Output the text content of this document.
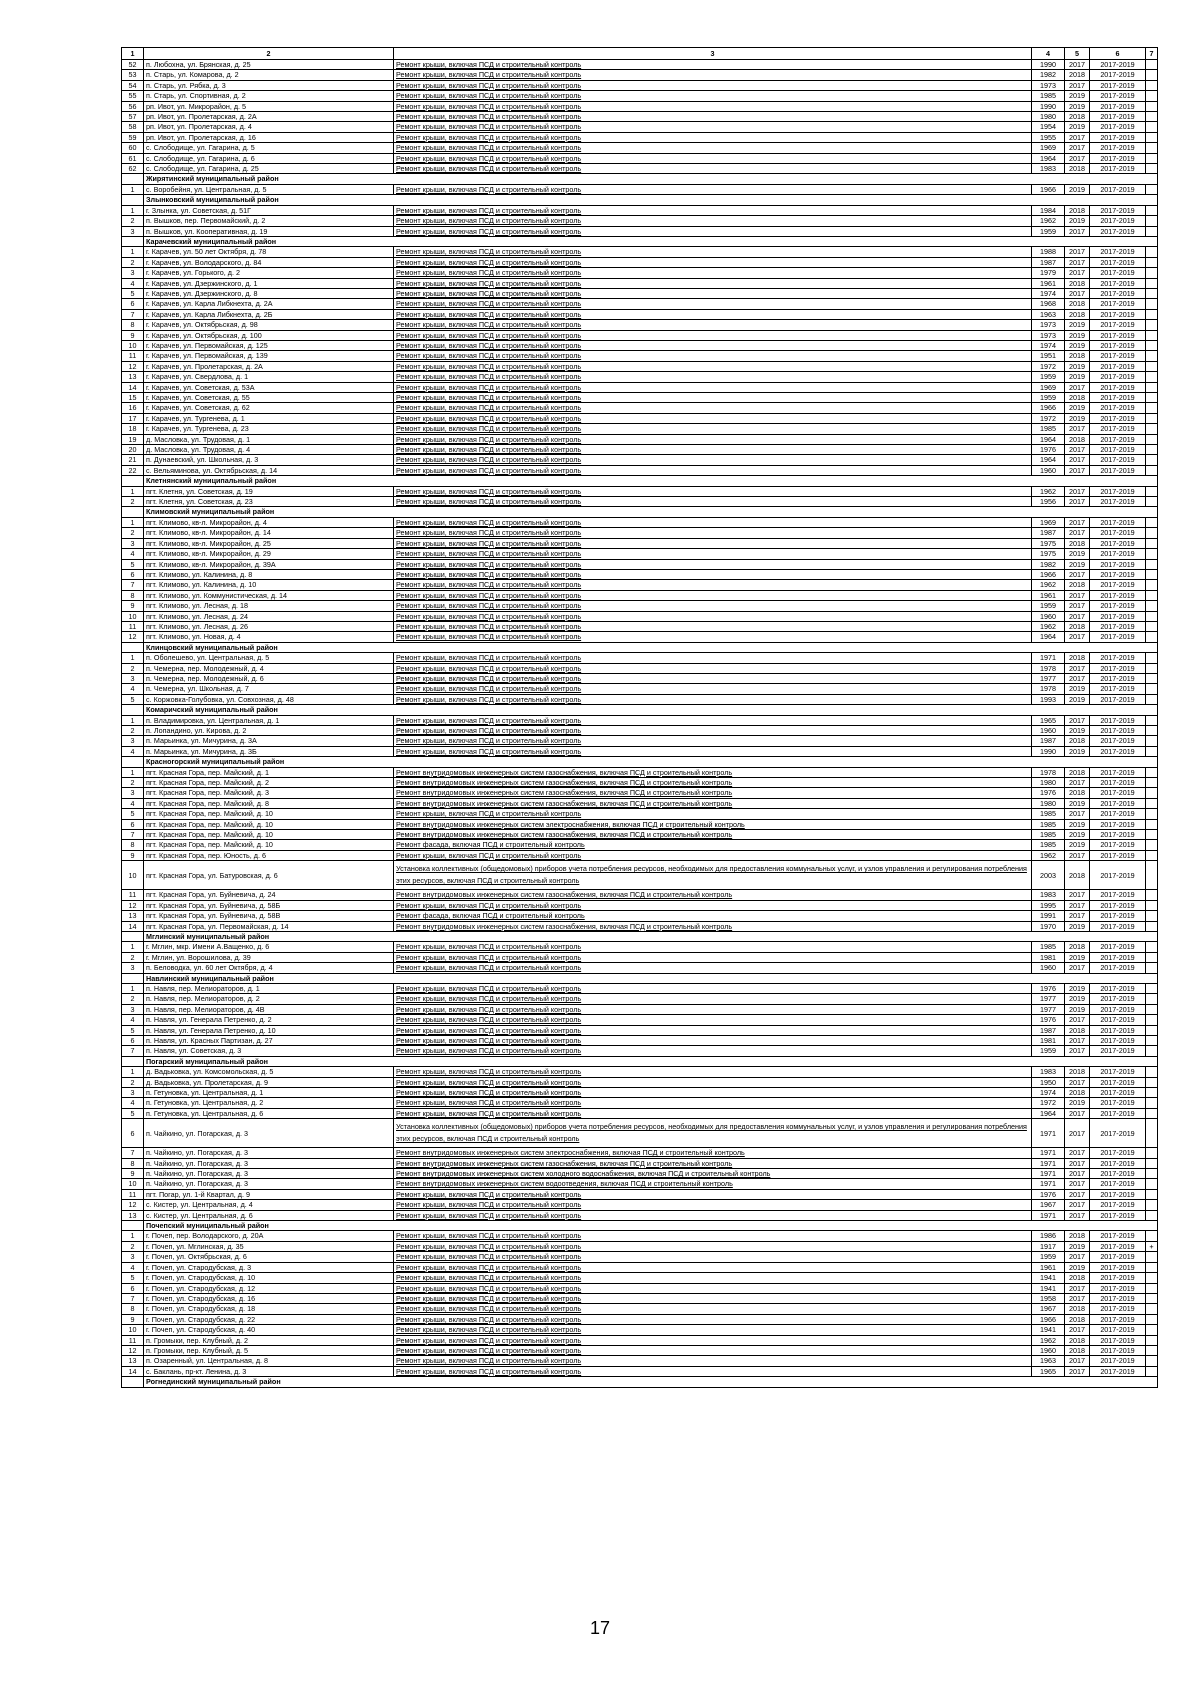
1	2	3	4	5	6	7
52	п. Любохна, ул. Брянская, д. 25	Ремонт крыши, включая ПСД и строительный контроль	1990	2017	2017-2019	
53	п. Старь, ул. Комарова, д. 2	Ремонт крыши, включая ПСД и строительный контроль	1982	2018	2017-2019	
54	п. Старь, ул. Рябка, д. 3	Ремонт крыши, включая ПСД и строительный контроль	1973	2017	2017-2019	
55	п. Старь, ул. Спортивная, д. 2	Ремонт крыши, включая ПСД и строительный контроль	1985	2019	2017-2019	
56	рп. Ивот, ул. Микрорайон, д. 5	Ремонт крыши, включая ПСД и строительный контроль	1990	2019	2017-2019	
57	рп. Ивот, ул. Пролетарская, д. 2А	Ремонт крыши, включая ПСД и строительный контроль	1980	2018	2017-2019	
58	рп. Ивот, ул. Пролетарская, д. 4	Ремонт крыши, включая ПСД и строительный контроль	1954	2019	2017-2019	
59	рп. Ивот, ул. Пролетарская, д. 16	Ремонт крыши, включая ПСД и строительный контроль	1955	2017	2017-2019	
60	с. Слободище, ул. Гагарина, д. 5	Ремонт крыши, включая ПСД и строительный контроль	1969	2017	2017-2019	
61	с. Слободище, ул. Гагарина, д. 6	Ремонт крыши, включая ПСД и строительный контроль	1964	2017	2017-2019	
62	с. Слободище, ул. Гагарина, д. 25	Ремонт крыши, включая ПСД и строительный контроль	1983	2018	2017-2019	
	Жирятинский муниципальный район					
1	с. Воробейня, ул. Центральная, д. 5	Ремонт крыши, включая ПСД и строительный контроль	1966	2019	2017-2019	
	Злынковский муниципальный район					
1	г. Злынка, ул. Советская, д. 51Г	Ремонт крыши, включая ПСД и строительный контроль	1984	2018	2017-2019	
2	п. Вышков, пер. Первомайский, д. 2	Ремонт крыши, включая ПСД и строительный контроль	1962	2019	2017-2019	
3	п. Вышков, ул. Кооперативная, д. 19	Ремонт крыши, включая ПСД и строительный контроль	1959	2017	2017-2019	
	Карачевский муниципальный район					
1	г. Карачев, ул. 50 лет Октября, д. 78	Ремонт крыши, включая ПСД и строительный контроль	1988	2017	2017-2019	
2	г. Карачев, ул. Володарского, д. 84	Ремонт крыши, включая ПСД и строительный контроль	1987	2017	2017-2019	
3	г. Карачев, ул. Горького, д. 2	Ремонт крыши, включая ПСД и строительный контроль	1979	2017	2017-2019	
4	г. Карачев, ул. Дзержинского, д. 1	Ремонт крыши, включая ПСД и строительный контроль	1961	2018	2017-2019	
5	г. Карачев, ул. Дзержинского, д. 8	Ремонт крыши, включая ПСД и строительный контроль	1974	2017	2017-2019	
6	г. Карачев, ул. Карла Либкнехта, д. 2А	Ремонт крыши, включая ПСД и строительный контроль	1968	2018	2017-2019	
7	г. Карачев, ул. Карла Либкнехта, д. 2Б	Ремонт крыши, включая ПСД и строительный контроль	1963	2018	2017-2019	
8	г. Карачев, ул. Октябрьская, д. 98	Ремонт крыши, включая ПСД и строительный контроль	1973	2019	2017-2019	
9	г. Карачев, ул. Октябрьская, д. 100	Ремонт крыши, включая ПСД и строительный контроль	1973	2019	2017-2019	
10	г. Карачев, ул. Первомайская, д. 125	Ремонт крыши, включая ПСД и строительный контроль	1974	2019	2017-2019	
11	г. Карачев, ул. Первомайская, д. 139	Ремонт крыши, включая ПСД и строительный контроль	1951	2018	2017-2019	
12	г. Карачев, ул. Пролетарская, д. 2А	Ремонт крыши, включая ПСД и строительный контроль	1972	2019	2017-2019	
13	г. Карачев, ул. Свердлова, д. 1	Ремонт крыши, включая ПСД и строительный контроль	1959	2019	2017-2019	
14	г. Карачев, ул. Советская, д. 53А	Ремонт крыши, включая ПСД и строительный контроль	1969	2017	2017-2019	
15	г. Карачев, ул. Советская, д. 55	Ремонт крыши, включая ПСД и строительный контроль	1959	2018	2017-2019	
16	г. Карачев, ул. Советская, д. 62	Ремонт крыши, включая ПСД и строительный контроль	1966	2019	2017-2019	
17	г. Карачев, ул. Тургенева, д. 1	Ремонт крыши, включая ПСД и строительный контроль	1972	2019	2017-2019	
18	г. Карачев, ул. Тургенева, д. 23	Ремонт крыши, включая ПСД и строительный контроль	1985	2017	2017-2019	
19	д. Масловка, ул. Трудовая, д. 1	Ремонт крыши, включая ПСД и строительный контроль	1964	2018	2017-2019	
20	д. Масловка, ул. Трудовая, д. 4	Ремонт крыши, включая ПСД и строительный контроль	1976	2017	2017-2019	
21	п. Дунаевский, ул. Школьная, д. 3	Ремонт крыши, включая ПСД и строительный контроль	1964	2017	2017-2019	
22	с. Вельяминова, ул. Октябрьская, д. 14	Ремонт крыши, включая ПСД и строительный контроль	1960	2017	2017-2019	
	Клетнянский муниципальный район					
1	пгт. Клетня, ул. Советская, д. 19	Ремонт крыши, включая ПСД и строительный контроль	1962	2017	2017-2019	
2	пгт. Клетня, ул. Советская, д. 23	Ремонт крыши, включая ПСД и строительный контроль	1956	2017	2017-2019	
	Климовский муниципальный район					
1	пгт. Климово, кв-л. Микрорайон, д. 4	Ремонт крыши, включая ПСД и строительный контроль	1969	2017	2017-2019	
2	пгт. Климово, кв-л. Микрорайон, д. 14	Ремонт крыши, включая ПСД и строительный контроль	1987	2017	2017-2019	
3	пгт. Климово, кв-л. Микрорайон, д. 25	Ремонт крыши, включая ПСД и строительный контроль	1975	2018	2017-2019	
4	пгт. Климово, кв-л. Микрорайон, д. 29	Ремонт крыши, включая ПСД и строительный контроль	1975	2019	2017-2019	
5	пгт. Климово, кв-л. Микрорайон, д. 39А	Ремонт крыши, включая ПСД и строительный контроль	1982	2019	2017-2019	
6	пгт. Климово, ул. Калинина, д. 8	Ремонт крыши, включая ПСД и строительный контроль	1966	2017	2017-2019	
7	пгт. Климово, ул. Калинина, д. 10	Ремонт крыши, включая ПСД и строительный контроль	1962	2018	2017-2019	
8	пгт. Климово, ул. Коммунистическая, д. 14	Ремонт крыши, включая ПСД и строительный контроль	1961	2017	2017-2019	
9	пгт. Климово, ул. Лесная, д. 18	Ремонт крыши, включая ПСД и строительный контроль	1959	2017	2017-2019	
10	пгт. Климово, ул. Лесная, д. 24	Ремонт крыши, включая ПСД и строительный контроль	1960	2017	2017-2019	
11	пгт. Климово, ул. Лесная, д. 26	Ремонт крыши, включая ПСД и строительный контроль	1962	2018	2017-2019	
12	пгт. Климово, ул. Новая, д. 4	Ремонт крыши, включая ПСД и строительный контроль	1964	2017	2017-2019	
	Клинцовский муниципальный район					
1	п. Оболешево, ул. Центральная, д. 5	Ремонт крыши, включая ПСД и строительный контроль	1971	2018	2017-2019	
2	п. Чемерна, пер. Молодежный, д. 4	Ремонт крыши, включая ПСД и строительный контроль	1978	2017	2017-2019	
3	п. Чемерна, пер. Молодежный, д. 6	Ремонт крыши, включая ПСД и строительный контроль	1977	2017	2017-2019	
4	п. Чемерна, ул. Школьная, д. 7	Ремонт крыши, включая ПСД и строительный контроль	1978	2019	2017-2019	
5	с. Коржовка-Голубовка, ул. Совхозная, д. 48	Ремонт крыши, включая ПСД и строительный контроль	1993	2019	2017-2019	
	Комаричский муниципальный район					
1	п. Владимировка, ул. Центральная, д. 1	Ремонт крыши, включая ПСД и строительный контроль	1965	2017	2017-2019	
2	п. Лопандино, ул. Кирова, д. 2	Ремонт крыши, включая ПСД и строительный контроль	1960	2019	2017-2019	
3	п. Марьинка, ул. Мичурина, д. 3А	Ремонт крыши, включая ПСД и строительный контроль	1987	2018	2017-2019	
4	п. Марьинка, ул. Мичурина, д. 3Б	Ремонт крыши, включая ПСД и строительный контроль	1990	2019	2017-2019	
	Красногорский муниципальный район					
1	пгт. Красная Гора, пер. Майский, д. 1	Ремонт внутридомовых инженерных систем газоснабжения, включая ПСД и строительный контроль	1978	2018	2017-2019	
2	пгт. Красная Гора, пер. Майский, д. 2	Ремонт внутридомовых инженерных систем газоснабжения, включая ПСД и строительный контроль	1980	2017	2017-2019	
3	пгт. Красная Гора, пер. Майский, д. 3	Ремонт внутридомовых инженерных систем газоснабжения, включая ПСД и строительный контроль	1976	2018	2017-2019	
4	пгт. Красная Гора, пер. Майский, д. 8	Ремонт внутридомовых инженерных систем газоснабжения, включая ПСД и строительный контроль	1980	2019	2017-2019	
5	пгт. Красная Гора, пер. Майский, д. 10	Ремонт крыши, включая ПСД и строительный контроль	1985	2017	2017-2019	
6	пгт. Красная Гора, пер. Майский, д. 10	Ремонт внутридомовых инженерных систем электроснабжения, включая ПСД и строительный контроль	1985	2019	2017-2019	
7	пгт. Красная Гора, пер. Майский, д. 10	Ремонт внутридомовых инженерных систем газоснабжения, включая ПСД и строительный контроль	1985	2019	2017-2019	
8	пгт. Красная Гора, пер. Майский, д. 10	Ремонт фасада, включая ПСД и строительный контроль	1985	2019	2017-2019	
9	пгт. Красная Гора, пер. Юность, д. 6	Ремонт крыши, включая ПСД и строительный контроль	1962	2017	2017-2019	
10	пгт. Красная Гора, ул. Батуровская, д. 6	Установка коллективных (общедомовых) приборов учета потребления ресурсов, необходимых для предоставления коммунальных услуг, и узлов управления и регулирования потребления этих ресурсов, включая ПСД и строительный контроль	2003	2018	2017-2019	
11	пгт. Красная Гора, ул. Буйневича, д. 24	Ремонт внутридомовых инженерных систем газоснабжения, включая ПСД и строительный контроль	1983	2017	2017-2019	
12	пгт. Красная Гора, ул. Буйневича, д. 58Б	Ремонт крыши, включая ПСД и строительный контроль	1995	2017	2017-2019	
13	пгт. Красная Гора, ул. Буйневича, д. 58В	Ремонт фасада, включая ПСД и строительный контроль	1991	2017	2017-2019	
14	пгт. Красная Гора, ул. Первомайская, д. 14	Ремонт внутридомовых инженерных систем газоснабжения, включая ПСД и строительный контроль	1970	2019	2017-2019	
	Мглинский муниципальный район					
1	г. Мглин, мкр. Имени А.Ващенко, д. 6	Ремонт крыши, включая ПСД и строительный контроль	1985	2018	2017-2019	
2	г. Мглин, ул. Ворошилова, д. 39	Ремонт крыши, включая ПСД и строительный контроль	1981	2019	2017-2019	
3	п. Беловодка, ул. 60 лет Октября, д. 4	Ремонт крыши, включая ПСД и строительный контроль	1960	2017	2017-2019	
	Навлинский муниципальный район					
1	п. Навля, пер. Мелиораторов, д. 1	Ремонт крыши, включая ПСД и строительный контроль	1976	2019	2017-2019	
2	п. Навля, пер. Мелиораторов, д. 2	Ремонт крыши, включая ПСД и строительный контроль	1977	2019	2017-2019	
3	п. Навля, пер. Мелиораторов, д. 4В	Ремонт крыши, включая ПСД и строительный контроль	1977	2019	2017-2019	
4	п. Навля, ул. Генерала Петренко, д. 2	Ремонт крыши, включая ПСД и строительный контроль	1976	2017	2017-2019	
5	п. Навля, ул. Генерала Петренко, д. 10	Ремонт крыши, включая ПСД и строительный контроль	1987	2018	2017-2019	
6	п. Навля, ул. Красных Партизан, д. 27	Ремонт крыши, включая ПСД и строительный контроль	1981	2017	2017-2019	
7	п. Навля, ул. Советская, д. 3	Ремонт крыши, включая ПСД и строительный контроль	1959	2017	2017-2019	
	Погарский муниципальный район					
1	д. Вадьковка, ул. Комсомольская, д. 5	Ремонт крыши, включая ПСД и строительный контроль	1983	2018	2017-2019	
2	д. Вадьковка, ул. Пролетарская, д. 9	Ремонт крыши, включая ПСД и строительный контроль	1950	2017	2017-2019	
3	п. Гетуновка, ул. Центральная, д. 1	Ремонт крыши, включая ПСД и строительный контроль	1974	2018	2017-2019	
4	п. Гетуновка, ул. Центральная, д. 2	Ремонт крыши, включая ПСД и строительный контроль	1972	2019	2017-2019	
5	п. Гетуновка, ул. Центральная, д. 6	Ремонт крыши, включая ПСД и строительный контроль	1964	2017	2017-2019	
6	п. Чайкино, ул. Погарская, д. 3	Установка коллективных (общедомовых) приборов учета потребления ресурсов, необходимых для предоставления коммунальных услуг, и узлов управления и регулирования потребления этих ресурсов, включая ПСД и строительный контроль	1971	2017	2017-2019	
7	п. Чайкино, ул. Погарская, д. 3	Ремонт внутридомовых инженерных систем электроснабжения, включая ПСД и строительный контроль	1971	2017	2017-2019	
8	п. Чайкино, ул. Погарская, д. 3	Ремонт внутридомовых инженерных систем газоснабжения, включая ПСД и строительный контроль	1971	2017	2017-2019	
9	п. Чайкино, ул. Погарская, д. 3	Ремонт внутридомовых инженерных систем холодного водоснабжения, включая ПСД и строительный контроль	1971	2017	2017-2019	
10	п. Чайкино, ул. Погарская, д. 3	Ремонт внутридомовых инженерных систем водоотведения, включая ПСД и строительный контроль	1971	2017	2017-2019	
11	пгт. Погар, ул. 1-й Квартал, д. 9	Ремонт крыши, включая ПСД и строительный контроль	1976	2017	2017-2019	
12	с. Кистер, ул. Центральная, д. 4	Ремонт крыши, включая ПСД и строительный контроль	1967	2017	2017-2019	
13	с. Кистер, ул. Центральная, д. 6	Ремонт крыши, включая ПСД и строительный контроль	1971	2017	2017-2019	
	Почепский муниципальный район					
1	г. Почеп, пер. Володарского, д. 20А	Ремонт крыши, включая ПСД и строительный контроль	1986	2018	2017-2019	
2	г. Почеп, ул. Мглинская, д. 35	Ремонт крыши, включая ПСД и строительный контроль	1917	2019	2017-2019	+
3	г. Почеп, ул. Октябрьская, д. 6	Ремонт крыши, включая ПСД и строительный контроль	1959	2017	2017-2019	
4	г. Почеп, ул. Стародубская, д. 3	Ремонт крыши, включая ПСД и строительный контроль	1961	2019	2017-2019	
5	г. Почеп, ул. Стародубская, д. 10	Ремонт крыши, включая ПСД и строительный контроль	1941	2018	2017-2019	
6	г. Почеп, ул. Стародубская, д. 12	Ремонт крыши, включая ПСД и строительный контроль	1941	2017	2017-2019	
7	г. Почеп, ул. Стародубская, д. 16	Ремонт крыши, включая ПСД и строительный контроль	1958	2017	2017-2019	
8	г. Почеп, ул. Стародубская, д. 18	Ремонт крыши, включая ПСД и строительный контроль	1967	2018	2017-2019	
9	г. Почеп, ул. Стародубская, д. 22	Ремонт крыши, включая ПСД и строительный контроль	1966	2018	2017-2019	
10	г. Почеп, ул. Стародубская, д. 40	Ремонт крыши, включая ПСД и строительный контроль	1941	2017	2017-2019	
11	п. Громыки, пер. Клубный, д. 2	Ремонт крыши, включая ПСД и строительный контроль	1962	2018	2017-2019	
12	п. Громыки, пер. Клубный, д. 5	Ремонт крыши, включая ПСД и строительный контроль	1960	2018	2017-2019	
13	п. Озаренный, ул. Центральная, д. 8	Ремонт крыши, включая ПСД и строительный контроль	1963	2017	2017-2019	
14	с. Баклань, пр-кт. Ленина, д. 3	Ремонт крыши, включая ПСД и строительный контроль	1965	2017	2017-2019	
	Рогнединский муниципальный район					
17
